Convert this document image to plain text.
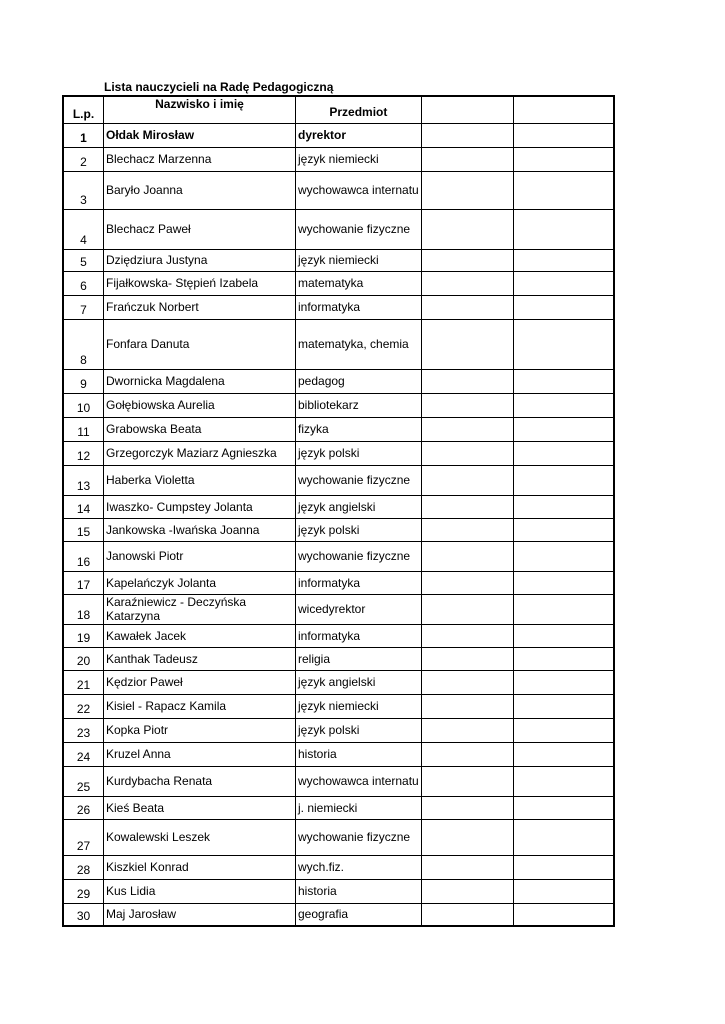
Lista nauczycieli na Radę Pedagogiczną
L.p.	Nazwisko i imię	Przedmiot		
1	Ołdak Mirosław	dyrektor		
2	Blechacz Marzenna	język niemiecki		
3	Baryło Joanna	wychowawca internatu		
4	Blechacz Paweł	wychowanie fizyczne		
5	Dziędziura Justyna	język niemiecki		
6	Fijałkowska- Stępień Izabela	matematyka		
7	Frańczuk Norbert	informatyka		
8	Fonfara Danuta	matematyka, chemia		
9	Dwornicka Magdalena	pedagog		
10	Gołębiowska Aurelia	bibliotekarz		
11	Grabowska Beata	fizyka		
12	Grzegorczyk Maziarz Agnieszka	język polski		
13	Haberka Violetta	wychowanie fizyczne		
14	Iwaszko- Cumpstey Jolanta	język angielski		
15	Jankowska -Iwańska Joanna	język polski		
16	Janowski Piotr	wychowanie fizyczne		
17	Kapelańczyk Jolanta	informatyka		
18	Karaźniewicz - Deczyńska Katarzyna	wicedyrektor		
19	Kawałek Jacek	informatyka		
20	Kanthak Tadeusz	religia		
21	Kędzior Paweł	język angielski		
22	Kisiel - Rapacz Kamila	język niemiecki		
23	Kopka Piotr	język polski		
24	Kruzel Anna	historia		
25	Kurdybacha Renata	wychowawca internatu		
26	Kieś Beata	j. niemiecki		
27	Kowalewski Leszek	wychowanie fizyczne		
28	Kiszkiel Konrad	wych.fiz.		
29	Kus Lidia	historia		
30	Maj Jarosław	geografia		
